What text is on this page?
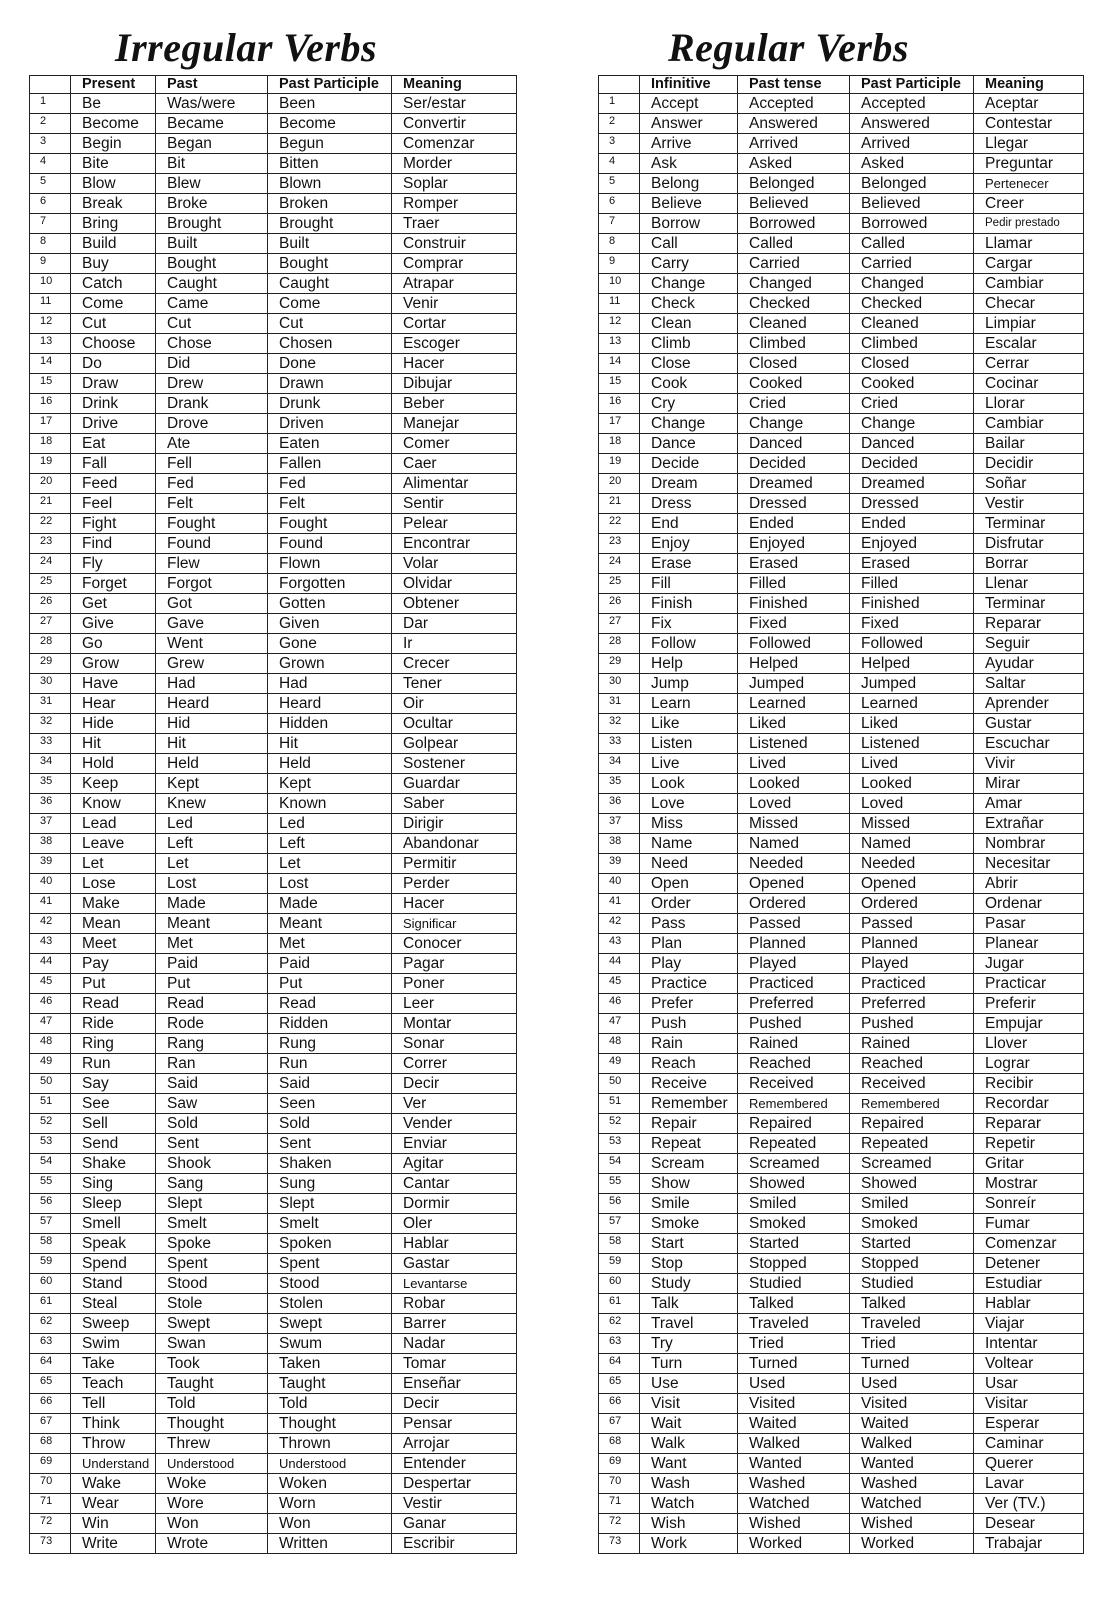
Irregular Verbs	Regular Verbs
	Present	Past	Past Participle	Meaning
1	Be	Was/were	Been	Ser/estar
2	Become	Became	Become	Convertir
3	Begin	Began	Begun	Comenzar
4	Bite	Bit	Bitten	Morder
5	Blow	Blew	Blown	Soplar
6	Break	Broke	Broken	Romper
7	Bring	Brought	Brought	Traer
8	Build	Built	Built	Construir
9	Buy	Bought	Bought	Comprar
10	Catch	Caught	Caught	Atrapar
11	Come	Came	Come	Venir
12	Cut	Cut	Cut	Cortar
13	Choose	Chose	Chosen	Escoger
14	Do	Did	Done	Hacer
15	Draw	Drew	Drawn	Dibujar
16	Drink	Drank	Drunk	Beber
17	Drive	Drove	Driven	Manejar
18	Eat	Ate	Eaten	Comer
19	Fall	Fell	Fallen	Caer
20	Feed	Fed	Fed	Alimentar
21	Feel	Felt	Felt	Sentir
22	Fight	Fought	Fought	Pelear
23	Find	Found	Found	Encontrar
24	Fly	Flew	Flown	Volar
25	Forget	Forgot	Forgotten	Olvidar
26	Get	Got	Gotten	Obtener
27	Give	Gave	Given	Dar
28	Go	Went	Gone	Ir
29	Grow	Grew	Grown	Crecer
30	Have	Had	Had	Tener
31	Hear	Heard	Heard	Oir
32	Hide	Hid	Hidden	Ocultar
33	Hit	Hit	Hit	Golpear
34	Hold	Held	Held	Sostener
35	Keep	Kept	Kept	Guardar
36	Know	Knew	Known	Saber
37	Lead	Led	Led	Dirigir
38	Leave	Left	Left	Abandonar
39	Let	Let	Let	Permitir
40	Lose	Lost	Lost	Perder
41	Make	Made	Made	Hacer
42	Mean	Meant	Meant	Significar
43	Meet	Met	Met	Conocer
44	Pay	Paid	Paid	Pagar
45	Put	Put	Put	Poner
46	Read	Read	Read	Leer
47	Ride	Rode	Ridden	Montar
48	Ring	Rang	Rung	Sonar
49	Run	Ran	Run	Correr
50	Say	Said	Said	Decir
51	See	Saw	Seen	Ver
52	Sell	Sold	Sold	Vender
53	Send	Sent	Sent	Enviar
54	Shake	Shook	Shaken	Agitar
55	Sing	Sang	Sung	Cantar
56	Sleep	Slept	Slept	Dormir
57	Smell	Smelt	Smelt	Oler
58	Speak	Spoke	Spoken	Hablar
59	Spend	Spent	Spent	Gastar
60	Stand	Stood	Stood	Levantarse
61	Steal	Stole	Stolen	Robar
62	Sweep	Swept	Swept	Barrer
63	Swim	Swan	Swum	Nadar
64	Take	Took	Taken	Tomar
65	Teach	Taught	Taught	Enseñar
66	Tell	Told	Told	Decir
67	Think	Thought	Thought	Pensar
68	Throw	Threw	Thrown	Arrojar
69	Understand	Understood	Understood	Entender
70	Wake	Woke	Woken	Despertar
71	Wear	Wore	Worn	Vestir
72	Win	Won	Won	Ganar
73	Write	Wrote	Written	Escribir
	Infinitive	Past tense	Past Participle	Meaning
1	Accept	Accepted	Accepted	Aceptar
2	Answer	Answered	Answered	Contestar
3	Arrive	Arrived	Arrived	Llegar
4	Ask	Asked	Asked	Preguntar
5	Belong	Belonged	Belonged	Pertenecer
6	Believe	Believed	Believed	Creer
7	Borrow	Borrowed	Borrowed	Pedir prestado
8	Call	Called	Called	Llamar
9	Carry	Carried	Carried	Cargar
10	Change	Changed	Changed	Cambiar
11	Check	Checked	Checked	Checar
12	Clean	Cleaned	Cleaned	Limpiar
13	Climb	Climbed	Climbed	Escalar
14	Close	Closed	Closed	Cerrar
15	Cook	Cooked	Cooked	Cocinar
16	Cry	Cried	Cried	Llorar
17	Change	Change	Change	Cambiar
18	Dance	Danced	Danced	Bailar
19	Decide	Decided	Decided	Decidir
20	Dream	Dreamed	Dreamed	Soñar
21	Dress	Dressed	Dressed	Vestir
22	End	Ended	Ended	Terminar
23	Enjoy	Enjoyed	Enjoyed	Disfrutar
24	Erase	Erased	Erased	Borrar
25	Fill	Filled	Filled	Llenar
26	Finish	Finished	Finished	Terminar
27	Fix	Fixed	Fixed	Reparar
28	Follow	Followed	Followed	Seguir
29	Help	Helped	Helped	Ayudar
30	Jump	Jumped	Jumped	Saltar
31	Learn	Learned	Learned	Aprender
32	Like	Liked	Liked	Gustar
33	Listen	Listened	Listened	Escuchar
34	Live	Lived	Lived	Vivir
35	Look	Looked	Looked	Mirar
36	Love	Loved	Loved	Amar
37	Miss	Missed	Missed	Extrañar
38	Name	Named	Named	Nombrar
39	Need	Needed	Needed	Necesitar
40	Open	Opened	Opened	Abrir
41	Order	Ordered	Ordered	Ordenar
42	Pass	Passed	Passed	Pasar
43	Plan	Planned	Planned	Planear
44	Play	Played	Played	Jugar
45	Practice	Practiced	Practiced	Practicar
46	Prefer	Preferred	Preferred	Preferir
47	Push	Pushed	Pushed	Empujar
48	Rain	Rained	Rained	Llover
49	Reach	Reached	Reached	Lograr
50	Receive	Received	Received	Recibir
51	Remember	Remembered	Remembered	Recordar
52	Repair	Repaired	Repaired	Reparar
53	Repeat	Repeated	Repeated	Repetir
54	Scream	Screamed	Screamed	Gritar
55	Show	Showed	Showed	Mostrar
56	Smile	Smiled	Smiled	Sonreír
57	Smoke	Smoked	Smoked	Fumar
58	Start	Started	Started	Comenzar
59	Stop	Stopped	Stopped	Detener
60	Study	Studied	Studied	Estudiar
61	Talk	Talked	Talked	Hablar
62	Travel	Traveled	Traveled	Viajar
63	Try	Tried	Tried	Intentar
64	Turn	Turned	Turned	Voltear
65	Use	Used	Used	Usar
66	Visit	Visited	Visited	Visitar
67	Wait	Waited	Waited	Esperar
68	Walk	Walked	Walked	Caminar
69	Want	Wanted	Wanted	Querer
70	Wash	Washed	Washed	Lavar
71	Watch	Watched	Watched	Ver (TV.)
72	Wish	Wished	Wished	Desear
73	Work	Worked	Worked	Trabajar
